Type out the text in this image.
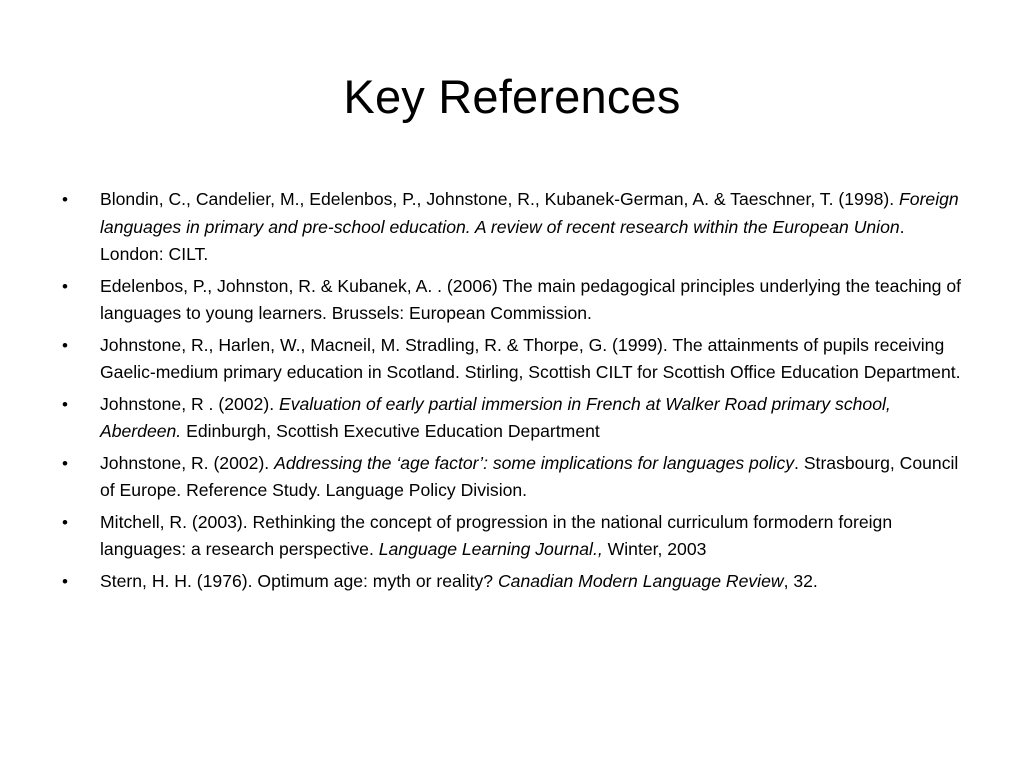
Key References
•	Blondin, C., Candelier, M., Edelenbos, P., Johnstone, R., Kubanek-German, A. & Taeschner, T. (1998). Foreign languages in primary and pre-school education. A review of recent research within the European Union. London: CILT.
•	Edelenbos, P., Johnston, R. & Kubanek, A. . (2006) The main pedagogical principles underlying the teaching of languages to young learners. Brussels: European Commission.
•	Johnstone, R., Harlen, W., Macneil, M. Stradling, R. & Thorpe, G. (1999). The attainments of pupils receiving Gaelic-medium primary education in Scotland. Stirling, Scottish CILT for Scottish Office Education Department.
•	Johnstone, R . (2002). Evaluation of early partial immersion in French at Walker Road primary school, Aberdeen. Edinburgh, Scottish Executive Education Department
•	Johnstone, R. (2002). Addressing the ‘age factor’: some implications for languages policy. Strasbourg, Council of Europe. Reference Study. Language Policy Division.
•	Mitchell, R. (2003). Rethinking the concept of progression in the national curriculum formodern foreign languages: a research perspective. Language Learning Journal., Winter, 2003
•	Stern, H. H. (1976). Optimum age: myth or reality? Canadian Modern Language Review, 32.
